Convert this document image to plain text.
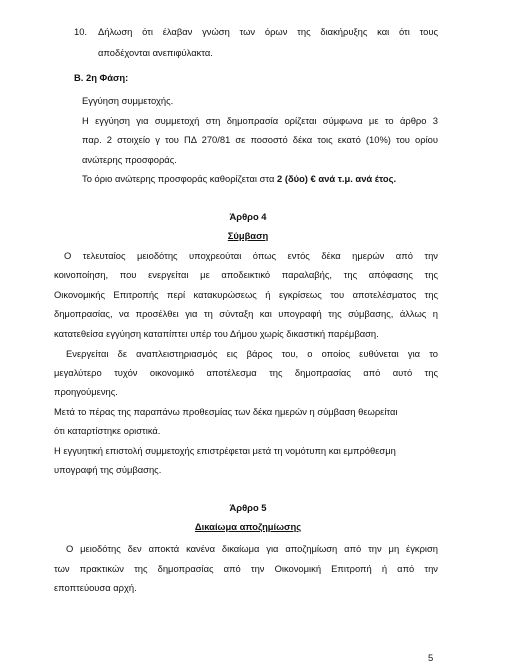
10.	Δήλωση ότι έλαβαν γνώση των όρων της διακήρυξης και ότι τους
αποδέχονται ανεπιφύλακτα.
Β. 2η Φάση:
Εγγύηση συμμετοχής.
Η εγγύηση για συμμετοχή στη δημοπρασία ορίζεται σύμφωνα με το άρθρο 3
παρ. 2 στοιχείο γ του ΠΔ 270/81 σε ποσοστό δέκα τοις εκατό (10%) του ορίου
ανώτερης προσφοράς.
Το όριο ανώτερης προσφοράς καθορίζεται στα 2 (δύο) € ανά τ.μ. ανά έτος.
Άρθρο 4
Σύμβαση
Ο τελευταίος μειοδότης υποχρεούται όπως εντός δέκα ημερών από την
κοινοποίηση, που ενεργείται με αποδεικτικό παραλαβής, της απόφασης της
Οικονομικής Επιτροπής περί κατακυρώσεως ή εγκρίσεως του αποτελέσματος της
δημοπρασίας, να προσέλθει για τη σύνταξη και υπογραφή της σύμβασης, άλλως η
κατατεθείσα εγγύηση καταπίπτει υπέρ του Δήμου χωρίς δικαστική παρέμβαση.
Ενεργείται δε αναπλειστηριασμός εις βάρος του, ο οποίος ευθύνεται για το
μεγαλύτερο τυχόν οικονομικό αποτέλεσμα της δημοπρασίας από αυτό της
προηγούμενης.
Μετά το πέρας της παραπάνω προθεσμίας των δέκα ημερών η σύμβαση θεωρείται
ότι καταρτίστηκε οριστικά.
Η εγγυητική επιστολή συμμετοχής επιστρέφεται μετά τη νομότυπη και εμπρόθεσμη
υπογραφή της σύμβασης.
Άρθρο 5
Δικαίωμα αποζημίωσης
Ο μειοδότης δεν αποκτά κανένα δικαίωμα για αποζημίωση από την μη έγκριση
των πρακτικών της δημοπρασίας από την Οικονομική Επιτροπή ή από την
εποπτεύουσα αρχή.
5
